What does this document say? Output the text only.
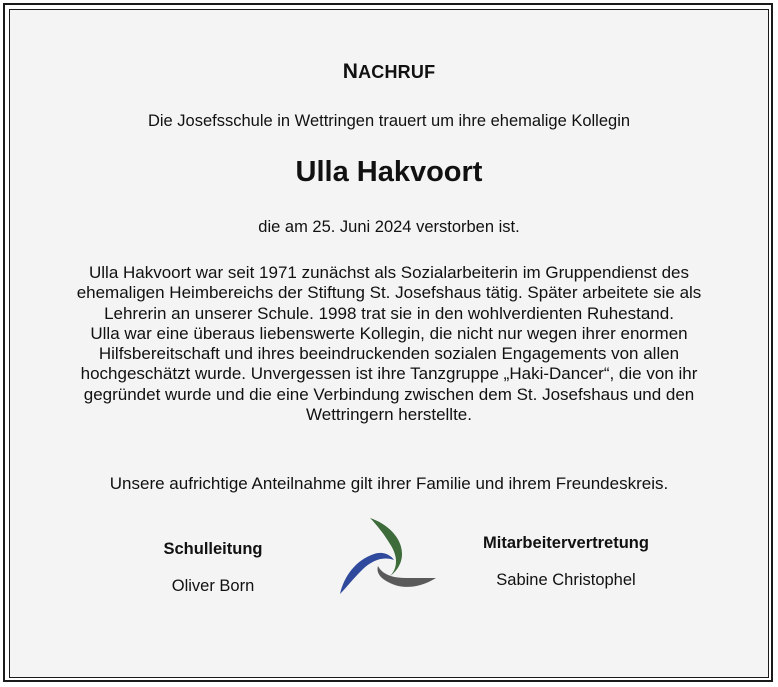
NACHRUF
Die Josefsschule in Wettringen trauert um ihre ehemalige Kollegin
Ulla Hakvoort
die am 25. Juni 2024 verstorben ist.
Ulla Hakvoort war seit 1971 zunächst als Sozialarbeiterin im Gruppendienst des
ehemaligen Heimbereichs der Stiftung St. Josefshaus tätig. Später arbeitete sie als
Lehrerin an unserer Schule. 1998 trat sie in den wohlverdienten Ruhestand.
Ulla war eine überaus liebenswerte Kollegin, die nicht nur wegen ihrer enormen
Hilfsbereitschaft und ihres beeindruckenden sozialen Engagements von allen
hochgeschätzt wurde. Unvergessen ist ihre Tanzgruppe „Haki-Dancer“, die von ihr
gegründet wurde und die eine Verbindung zwischen dem St. Josefshaus und den
Wettringern herstellte.
Unsere aufrichtige Anteilnahme gilt ihrer Familie und ihrem Freundeskreis.
Schulleitung
Oliver Born
Mitarbeitervertretung
Sabine Christophel
